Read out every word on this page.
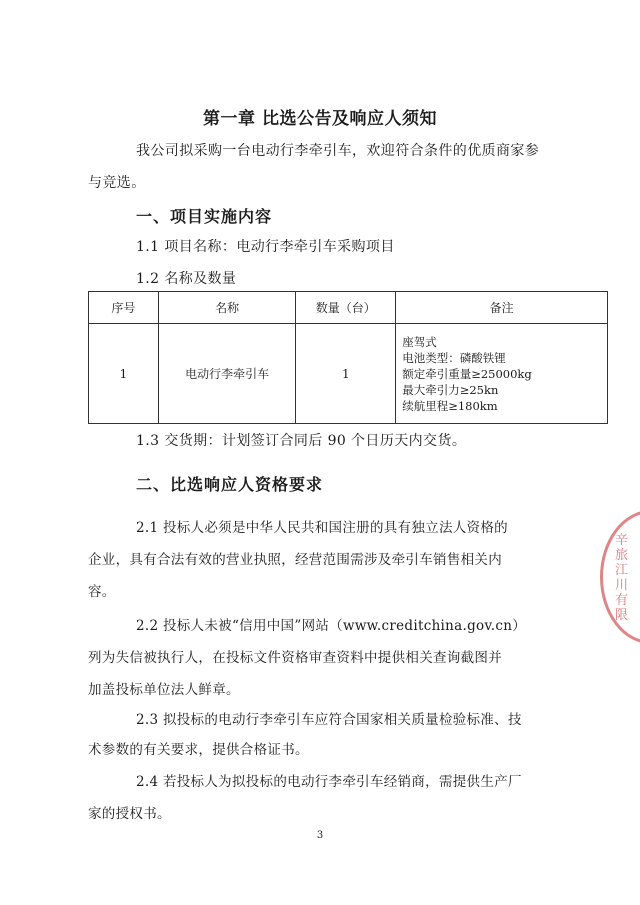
第一章 比选公告及响应人须知
我公司拟采购一台电动行李牵引车，欢迎符合条件的优质商家参
与竞选。
一、项目实施内容
1.1 项目名称：电动行李牵引车采购项目
1.2 名称及数量
序号	名称	数量（台）	备注
1	电动行李牵引车	1	座驾式
电池类型：磷酸铁锂
额定牵引重量≥25000kg
最大牵引力≥25kn
续航里程≥180km
1.3 交货期：计划签订合同后 90 个日历天内交货。
二、比选响应人资格要求
2.1 投标人必须是中华人民共和国注册的具有独立法人资格的
企业，具有合法有效的营业执照，经营范围需涉及牵引车销售相关内
容。
2.2 投标人未被“信用中国”网站（www.creditchina.gov.cn）
列为失信被执行人，在投标文件资格审查资料中提供相关查询截图并
加盖投标单位法人鲜章。
2.3 拟投标的电动行李牵引车应符合国家相关质量检验标准、技
术参数的有关要求，提供合格证书。
2.4 若投标人为拟投标的电动行李牵引车经销商，需提供生产厂
家的授权书。
3
辛旅江川有限
